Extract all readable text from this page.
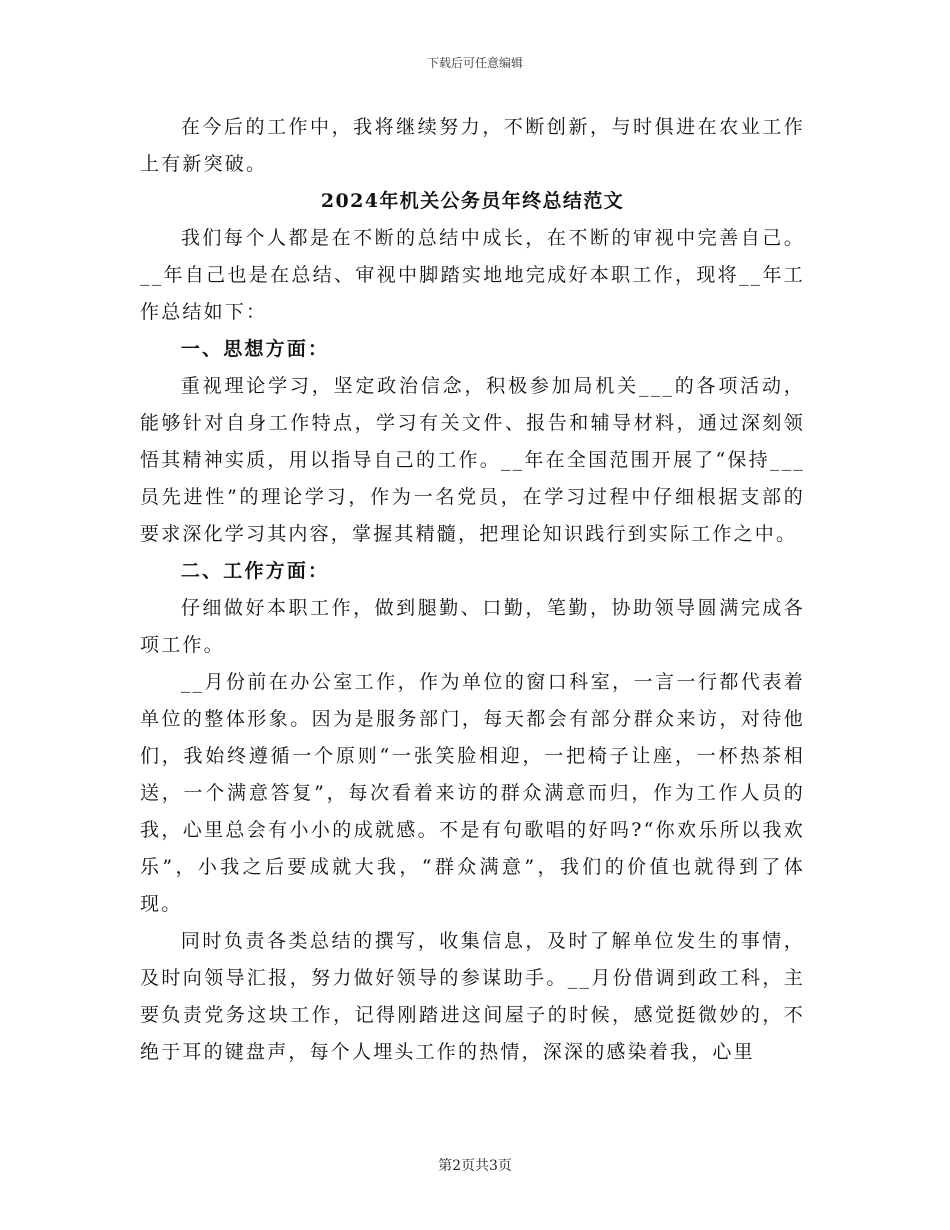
下载后可任意编辑

在今后的工作中，我将继续努力，不断创新，与时俱进在农业工作上有新突破。

2024年机关公务员年终总结范文

我们每个人都是在不断的总结中成长，在不断的审视中完善自己。__年自己也是在总结、审视中脚踏实地地完成好本职工作，现将__年工作总结如下：

一、思想方面：

重视理论学习，坚定政治信念，积极参加局机关___的各项活动，能够针对自身工作特点，学习有关文件、报告和辅导材料，通过深刻领悟其精神实质，用以指导自己的工作。__年在全国范围开展了“保持___员先进性”的理论学习，作为一名党员，在学习过程中仔细根据支部的要求深化学习其内容，掌握其精髓，把理论知识践行到实际工作之中。

二、工作方面：

仔细做好本职工作，做到腿勤、口勤，笔勤，协助领导圆满完成各项工作。

__月份前在办公室工作，作为单位的窗口科室，一言一行都代表着单位的整体形象。因为是服务部门，每天都会有部分群众来访，对待他们，我始终遵循一个原则“一张笑脸相迎，一把椅子让座，一杯热茶相送，一个满意答复”，每次看着来访的群众满意而归，作为工作人员的我，心里总会有小小的成就感。不是有句歌唱的好吗?“你欢乐所以我欢乐”，小我之后要成就大我，“群众满意”，我们的价值也就得到了体现。

同时负责各类总结的撰写，收集信息，及时了解单位发生的事情，及时向领导汇报，努力做好领导的参谋助手。__月份借调到政工科，主要负责党务这块工作，记得刚踏进这间屋子的时候，感觉挺微妙的，不绝于耳的键盘声，每个人埋头工作的热情，深深的感染着我，心里

第2页共3页
